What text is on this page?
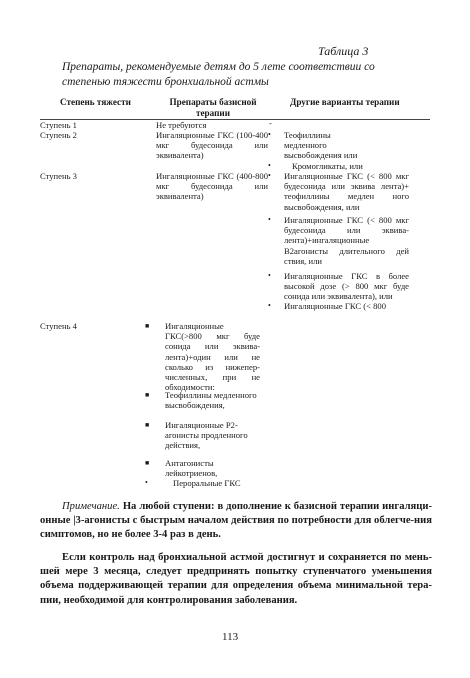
Таблица 3
Препараты, рекомендуемые детям до 5 лете соответствии со степенью тяжести бронхиальной астмы
Степень тяжести	Препараты базисной терапии
Другие варианты терапии
Ступень 1	Не требуются	-
Ступень 2	Ингаляционные ГКС (100-400 мкг будесонида или эквивалента)
•
Теофиллины медленного высвобождения или
•
Кромогликаты, или
Ступень 3	Ингаляционные ГКС (400-800 мкг будесонида или эквивалента)
•
Ингаляционные ГКС (< 800 мкг будесонида или эквива лента)+ теофиллины медлен ного высвобождения, или
•
Ингаляционные ГКС (< 800 мкг будесонида или эквива-лента)+ингаляционные В2агонисты длительного дей ствия, или
•
Ингаляционные ГКС в более высокой дозе (> 800 мкг буде сонида или эквивалента), или
•
Ингаляционные ГКС (< 800
Ступень 4
■	Ингаляционные ГКС(>800 мкг буде сонида или эквива-лента)+один или не сколько из нижепер-численных, при не обходимости:
■
Теофиллины медленного высвобождения,
■
Ингаляционные Р2-агонисты продленного действия,
■
Антагонисты лейкотриенов,
•
Пероральные ГКС
Примечание. На любой ступени: в дополнение к базисной терапии ингаляци-онные |3-агонисты с быстрым началом действия по потребности для облегче-ния симптомов, но не более 3-4 раз в день.
Если контроль над бронхиальной астмой достигнут и сохраняется по мень-шей мере 3 месяца, следует предпринять попытку ступенчатого уменьшения объема поддерживающей терапии для определения объема минимальной тера-пии, необходимой для контролирования заболевания.
113
